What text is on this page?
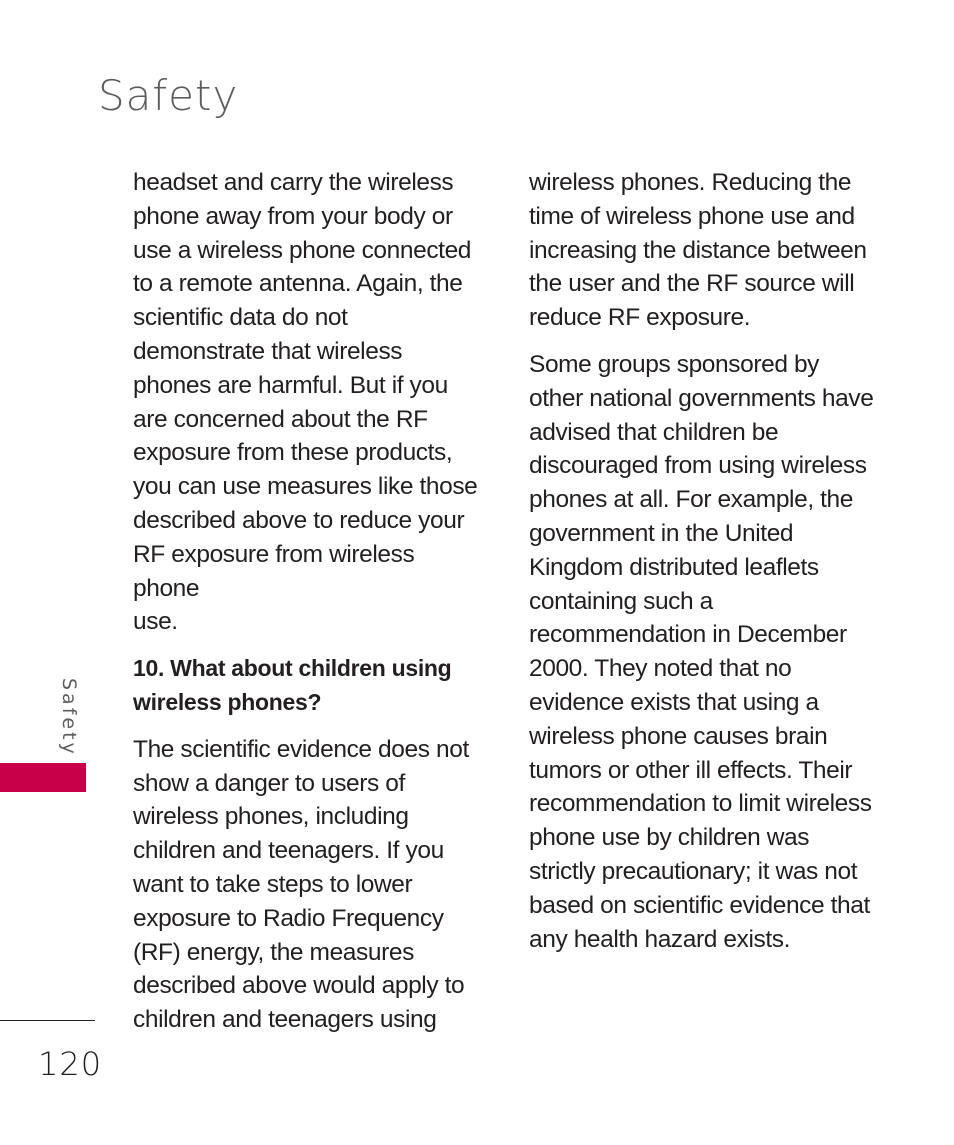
Safety

headset and carry the wireless
phone away from your body or
use a wireless phone connected
to a remote antenna. Again, the
scientific data do not
demonstrate that wireless
phones are harmful. But if you
are concerned about the RF
exposure from these products,
you can use measures like those
described above to reduce your
RF exposure from wireless phone
use.

10. What about children using
wireless phones?

The scientific evidence does not
show a danger to users of
wireless phones, including
children and teenagers. If you
want to take steps to lower
exposure to Radio Frequency
(RF) energy, the measures
described above would apply to
children and teenagers using

wireless phones. Reducing the
time of wireless phone use and
increasing the distance between
the user and the RF source will
reduce RF exposure.

Some groups sponsored by
other national governments have
advised that children be
discouraged from using wireless
phones at all. For example, the
government in the United
Kingdom distributed leaflets
containing such a
recommendation in December
2000. They noted that no
evidence exists that using a
wireless phone causes brain
tumors or other ill effects. Their
recommendation to limit wireless
phone use by children was
strictly precautionary; it was not
based on scientific evidence that
any health hazard exists.

Safety
120
